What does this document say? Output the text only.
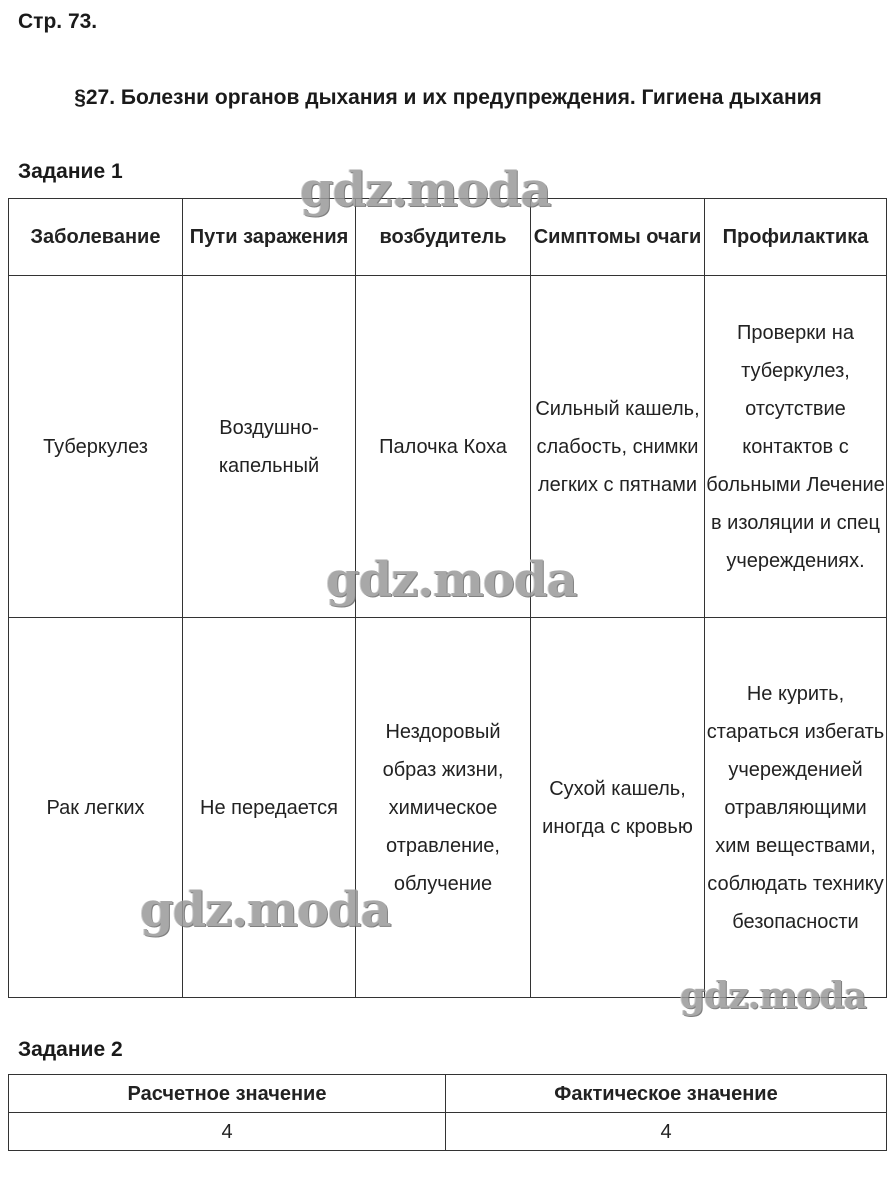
Стр. 73.
§27. Болезни органов дыхания и их предупреждения. Гигиена дыхания
Задание 1
Заболевание	Пути заражения	возбудитель	Симптомы очаги	Профилактика
Туберкулез	Воздушно-капельный	Палочка Коха	Сильный кашель, слабость, снимки легких с пятнами	Проверки на туберкулез, отсутствие контактов с больными Лечение в изоляции и спец учереждениях.
Рак легких	Не передается	Нездоровый образ жизни, химическое отравление, облучение	Сухой кашель, иногда с кровью	Не курить, стараться избегать учережденией отравляющими хим веществами, соблюдать технику безопасности
Задание 2
Расчетное значение	Фактическое значение
4	4
gdz.moda
gdz.moda
gdz.moda
gdz.moda
